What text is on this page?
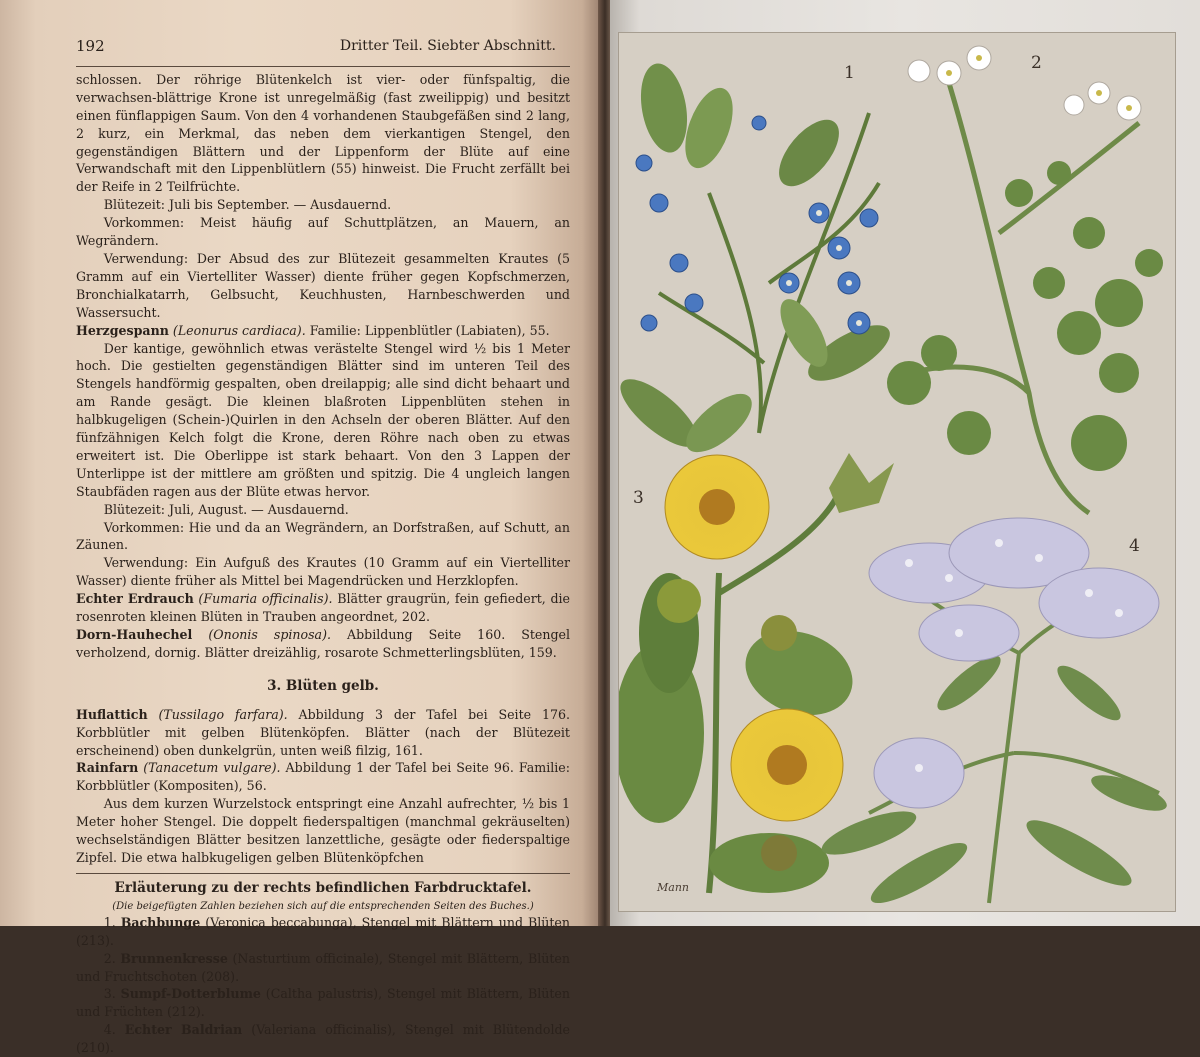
192	Dritter Teil. Siebter Abschnitt.

schlossen. Der röhrige Blütenkelch ist vier- oder fünfspaltig, die verwachsen-blättrige Krone ist unregelmäßig (fast zweilippig) und besitzt einen fünflappigen Saum. Von den 4 vorhandenen Staubgefäßen sind 2 lang, 2 kurz, ein Merkmal, das neben dem vierkantigen Stengel, den gegenständigen Blättern und der Lippenform der Blüte auf eine Verwandschaft mit den Lippenblütlern (55) hinweist. Die Frucht zerfällt bei der Reife in 2 Teilfrüchte.

Blütezeit: Juli bis September. — Ausdauernd.

Vorkommen: Meist häufig auf Schuttplätzen, an Mauern, an Wegrändern.

Verwendung: Der Absud des zur Blütezeit gesammelten Krautes (5 Gramm auf ein Viertelliter Wasser) diente früher gegen Kopfschmerzen, Bronchialkatarrh, Gelbsucht, Keuchhusten, Harnbeschwerden und Wassersucht.

Herzgespann (Leonurus cardiaca). Familie: Lippenblütler (Labiaten), 55.

Der kantige, gewöhnlich etwas verästelte Stengel wird ½ bis 1 Meter hoch. Die gestielten gegenständigen Blätter sind im unteren Teil des Stengels handförmig gespalten, oben dreilappig; alle sind dicht behaart und am Rande gesägt. Die kleinen blaßroten Lippenblüten stehen in halbkugeligen (Schein-)Quirlen in den Achseln der oberen Blätter. Auf den fünfzähnigen Kelch folgt die Krone, deren Röhre nach oben zu etwas erweitert ist. Die Oberlippe ist stark behaart. Von den 3 Lappen der Unterlippe ist der mittlere am größten und spitzig. Die 4 ungleich langen Staubfäden ragen aus der Blüte etwas hervor.

Blütezeit: Juli, August. — Ausdauernd.

Vorkommen: Hie und da an Wegrändern, an Dorfstraßen, auf Schutt, an Zäunen.

Verwendung: Ein Aufguß des Krautes (10 Gramm auf ein Viertelliter Wasser) diente früher als Mittel bei Magendrücken und Herzklopfen.

Echter Erdrauch (Fumaria officinalis). Blätter graugrün, fein gefiedert, die rosenroten kleinen Blüten in Trauben angeordnet, 202.

Dorn-Hauhechel (Ononis spinosa). Abbildung Seite 160. Stengel verholzend, dornig. Blätter dreizählig, rosarote Schmetterlingsblüten, 159.

3. Blüten gelb.

Huflattich (Tussilago farfara). Abbildung 3 der Tafel bei Seite 176. Korbblütler mit gelben Blütenköpfen. Blätter (nach der Blütezeit erscheinend) oben dunkelgrün, unten weiß filzig, 161.

Rainfarn (Tanacetum vulgare). Abbildung 1 der Tafel bei Seite 96. Familie: Korbblütler (Kompositen), 56.

Aus dem kurzen Wurzelstock entspringt eine Anzahl aufrechter, ½ bis 1 Meter hoher Stengel. Die doppelt fiederspaltigen (manchmal gekräuselten) wechselständigen Blätter besitzen lanzettliche, gesägte oder fiederspaltige Zipfel. Die etwa halbkugeligen gelben Blütenköpfchen

Erläuterung zu der rechts befindlichen Farbdrucktafel.
(Die beigefügten Zahlen beziehen sich auf die entsprechenden Seiten des Buches.)

1. Bachbunge (Veronica beccabunga), Stengel mit Blättern und Blüten (213).

2. Brunnenkresse (Nasturtium officinale), Stengel mit Blättern, Blüten und Fruchtschoten (208).

3. Sumpf-Dotterblume (Caltha palustris), Stengel mit Blättern, Blüten und Früchten (212).

4. Echter Baldrian (Valeriana officinalis), Stengel mit Blütendolde (210).

1	2
3
4
Mann
